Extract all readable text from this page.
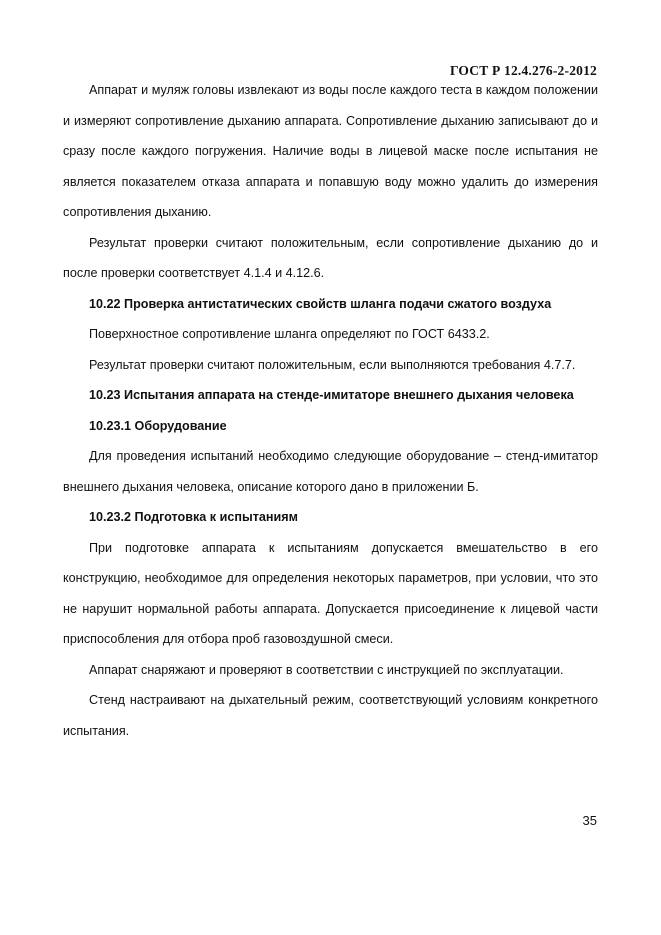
ГОСТ Р 12.4.276-2-2012

Аппарат и муляж головы извлекают из воды после каждого теста в каждом положении и измеряют сопротивление дыханию аппарата. Сопротивление дыханию записывают до и сразу после каждого погружения. Наличие воды в лицевой маске после испытания не является показателем отказа аппарата и попавшую воду можно удалить до измерения сопротивления дыханию.

Результат проверки считают положительным, если сопротивление дыханию до и после проверки соответствует 4.1.4 и 4.12.6.

10.22 Проверка антистатических свойств шланга подачи сжатого воздуха

Поверхностное сопротивление шланга определяют по ГОСТ 6433.2.

Результат проверки считают положительным, если выполняются требования 4.7.7.

10.23 Испытания аппарата на стенде-имитаторе внешнего дыхания человека

10.23.1 Оборудование

Для проведения испытаний необходимо следующие оборудование – стенд-имитатор внешнего дыхания человека, описание которого дано в приложении Б.

10.23.2 Подготовка к испытаниям

При подготовке аппарата к испытаниям допускается вмешательство в его конструкцию, необходимое для определения некоторых параметров, при условии, что это не нарушит нормальной работы аппарата. Допускается присоединение к лицевой части приспособления для отбора проб газовоздушной смеси.

Аппарат снаряжают и проверяют в соответствии с инструкцией по эксплуатации.

Стенд настраивают на дыхательный режим, соответствующий условиям конкретного испытания.

35
